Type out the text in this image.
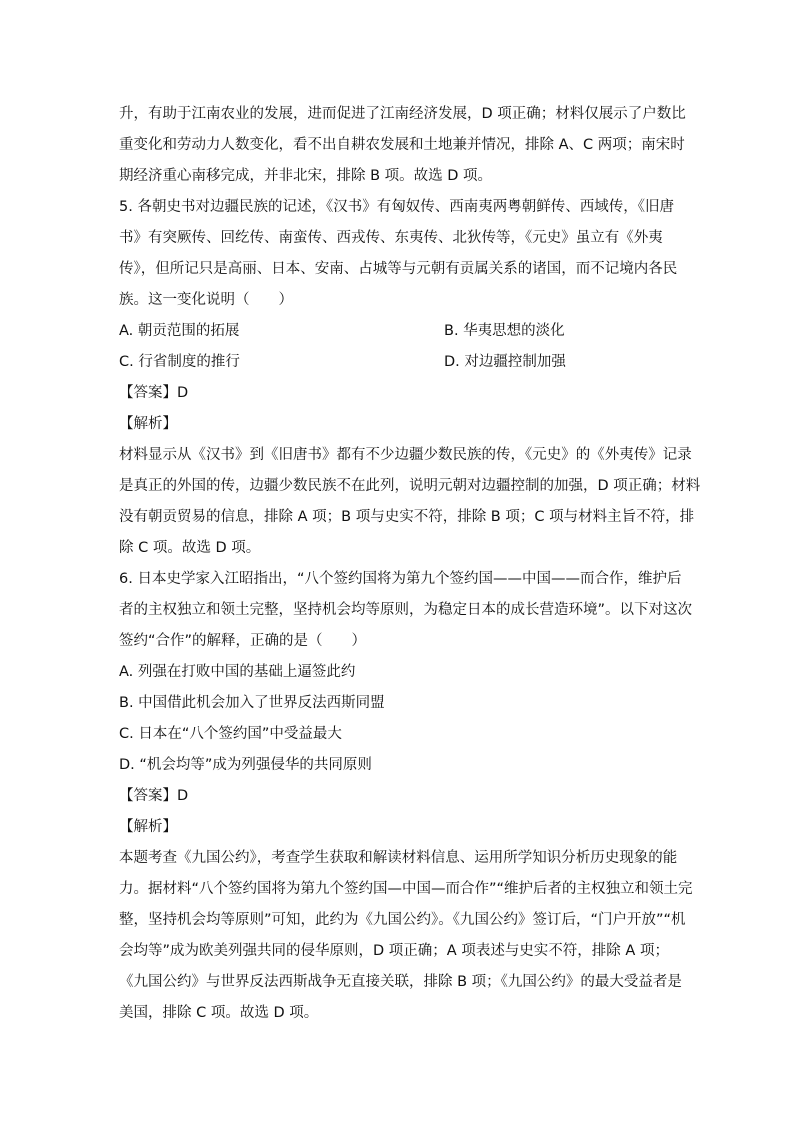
升，有助于江南农业的发展，进而促进了江南经济发展，D 项正确；材料仅展示了户数比
重变化和劳动力人数变化，看不出自耕农发展和土地兼并情况，排除 A、C 两项；南宋时
期经济重心南移完成，并非北宋，排除 B 项。故选 D 项。
5. 各朝史书对边疆民族的记述，《汉书》有匈奴传、西南夷两粤朝鲜传、西域传，《旧唐
书》有突厥传、回纥传、南蛮传、西戎传、东夷传、北狄传等，《元史》虽立有《外夷
传》，但所记只是高丽、日本、安南、占城等与元朝有贡属关系的诸国，而不记境内各民
族。这一变化说明（　　）
A. 朝贡范围的拓展	B. 华夷思想的淡化
C. 行省制度的推行	D. 对边疆控制加强
【答案】D
【解析】
材料显示从《汉书》到《旧唐书》都有不少边疆少数民族的传，《元史》的《外夷传》记录
是真正的外国的传，边疆少数民族不在此列，说明元朝对边疆控制的加强，D 项正确；材料
没有朝贡贸易的信息，排除 A 项；B 项与史实不符，排除 B 项；C 项与材料主旨不符，排
除 C 项。故选 D 项。
6. 日本史学家入江昭指出，“八个签约国将为第九个签约国——中国——而合作，维护后
者的主权独立和领土完整，坚持机会均等原则，为稳定日本的成长营造环境”。以下对这次
签约“合作”的解释，正确的是（　　）
A. 列强在打败中国的基础上逼签此约
B. 中国借此机会加入了世界反法西斯同盟
C. 日本在“八个签约国”中受益最大
D. “机会均等”成为列强侵华的共同原则
【答案】D
【解析】
本题考查《九国公约》，考查学生获取和解读材料信息、运用所学知识分析历史现象的能
力。据材料“八个签约国将为第九个签约国—中国—而合作”“维护后者的主权独立和领土完
整，坚持机会均等原则”可知，此约为《九国公约》。《九国公约》签订后，“门户开放”“机
会均等”成为欧美列强共同的侵华原则，D 项正确；A 项表述与史实不符，排除 A 项；
《九国公约》与世界反法西斯战争无直接关联，排除 B 项；《九国公约》的最大受益者是
美国，排除 C 项。故选 D 项。
